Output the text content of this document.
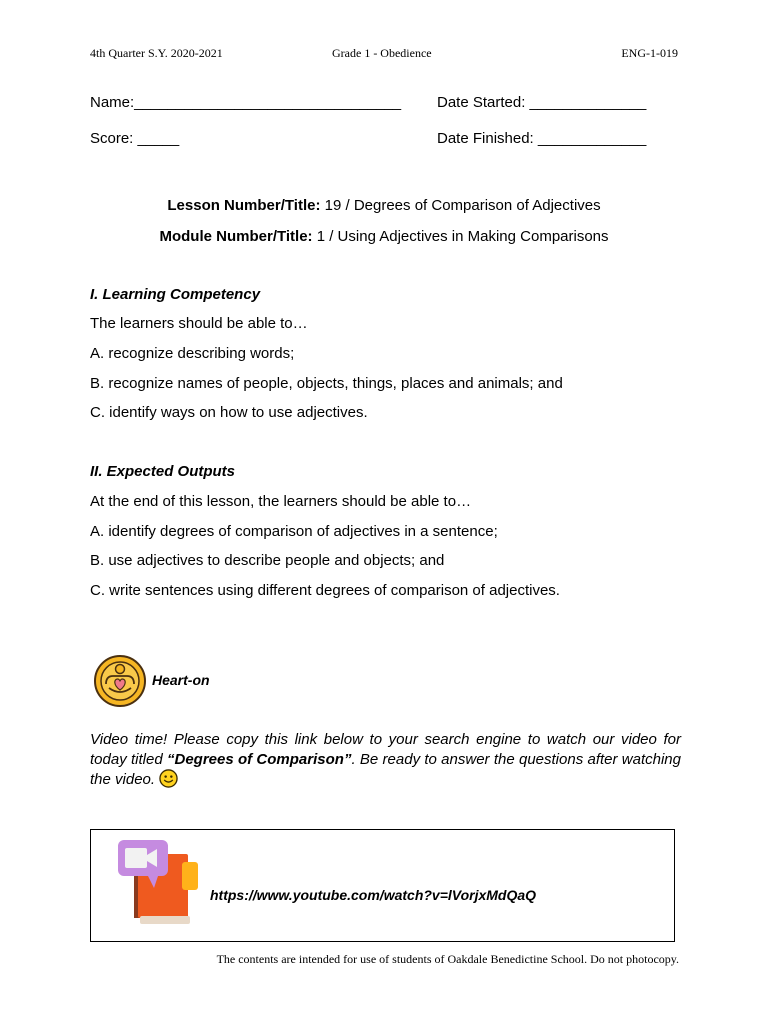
4th Quarter S.Y. 2020-2021	Grade 1 - Obedience	ENG-1-019
Name:________________________________ Date Started: ______________
Score: _____	Date Finished: _____________
Lesson Number/Title: 19 / Degrees of Comparison of Adjectives
Module Number/Title: 1 / Using Adjectives in Making Comparisons
I. Learning Competency
The learners should be able to…
A. recognize describing words;
B. recognize names of people, objects, things, places and animals; and
C. identify ways on how to use adjectives.
II. Expected Outputs
At the end of this lesson, the learners should be able to…
A. identify degrees of comparison of adjectives in a sentence;
B. use adjectives to describe people and objects; and
C. write sentences using different degrees of comparison of adjectives.
Heart-on
Video time! Please copy this link below to your search engine to watch our video for today titled “Degrees of Comparison”. Be ready to answer the questions after watching the video.
https://www.youtube.com/watch?v=lVorjxMdQaQ
The contents are intended for use of students of Oakdale Benedictine School. Do not photocopy.
